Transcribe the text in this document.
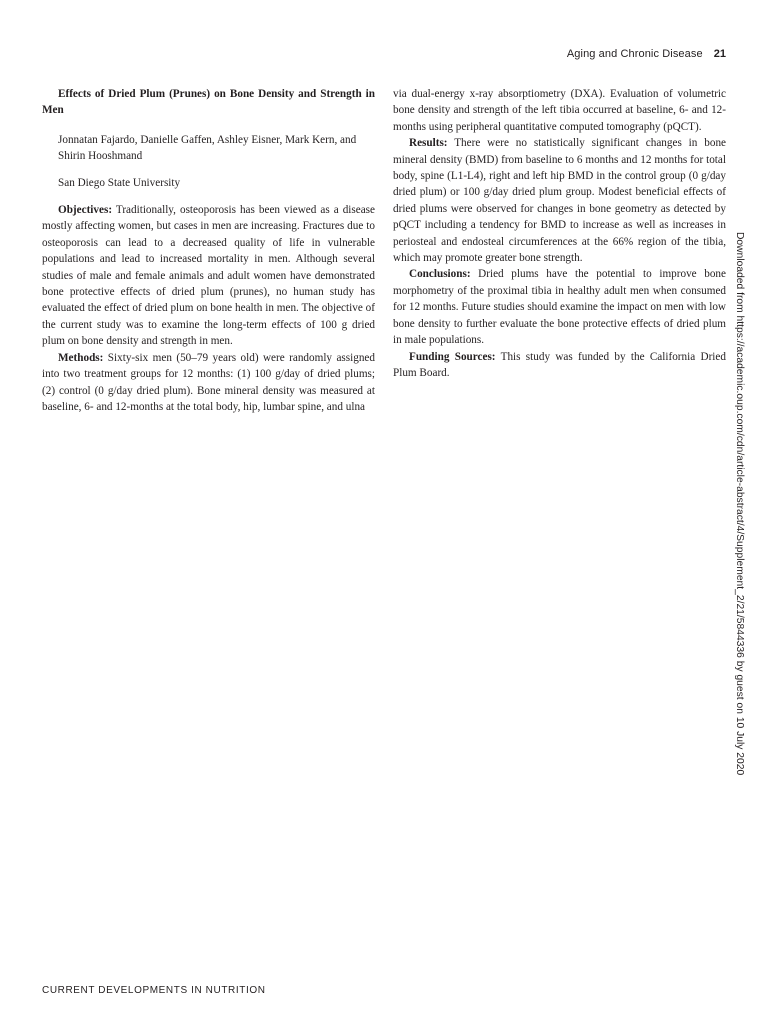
Aging and Chronic Disease 21

Effects of Dried Plum (Prunes) on Bone Density and Strength in Men

Jonnatan Fajardo, Danielle Gaffen, Ashley Eisner, Mark Kern, and Shirin Hooshmand

San Diego State University

Objectives: Traditionally, osteoporosis has been viewed as a disease mostly affecting women, but cases in men are increasing. Fractures due to osteoporosis can lead to a decreased quality of life in vulnerable populations and lead to increased mortality in men. Although several studies of male and female animals and adult women have demonstrated bone protective effects of dried plum (prunes), no human study has evaluated the effect of dried plum on bone health in men. The objective of the current study was to examine the long-term effects of 100 g dried plum on bone density and strength in men.

Methods: Sixty-six men (50–79 years old) were randomly assigned into two treatment groups for 12 months: (1) 100 g/day of dried plums; (2) control (0 g/day dried plum). Bone mineral density was measured at baseline, 6- and 12-months at the total body, hip, lumbar spine, and ulna

via dual-energy x-ray absorptiometry (DXA). Evaluation of volumetric bone density and strength of the left tibia occurred at baseline, 6- and 12-months using peripheral quantitative computed tomography (pQCT).

Results: There were no statistically significant changes in bone mineral density (BMD) from baseline to 6 months and 12 months for total body, spine (L1-L4), right and left hip BMD in the control group (0 g/day dried plum) or 100 g/day dried plum group. Modest beneficial effects of dried plums were observed for changes in bone geometry as detected by pQCT including a tendency for BMD to increase as well as increases in periosteal and endosteal circumferences at the 66% region of the tibia, which may promote greater bone strength.

Conclusions: Dried plums have the potential to improve bone morphometry of the proximal tibia in healthy adult men when consumed for 12 months. Future studies should examine the impact on men with low bone density to further evaluate the bone protective effects of dried plum in male populations.

Funding Sources: This study was funded by the California Dried Plum Board.	Downloaded from https://academic.oup.com/cdn/article-abstract/4/Supplement_2/21/5844336 by guest on 10 July 2020
CURRENT DEVELOPMENTS IN NUTRITION
